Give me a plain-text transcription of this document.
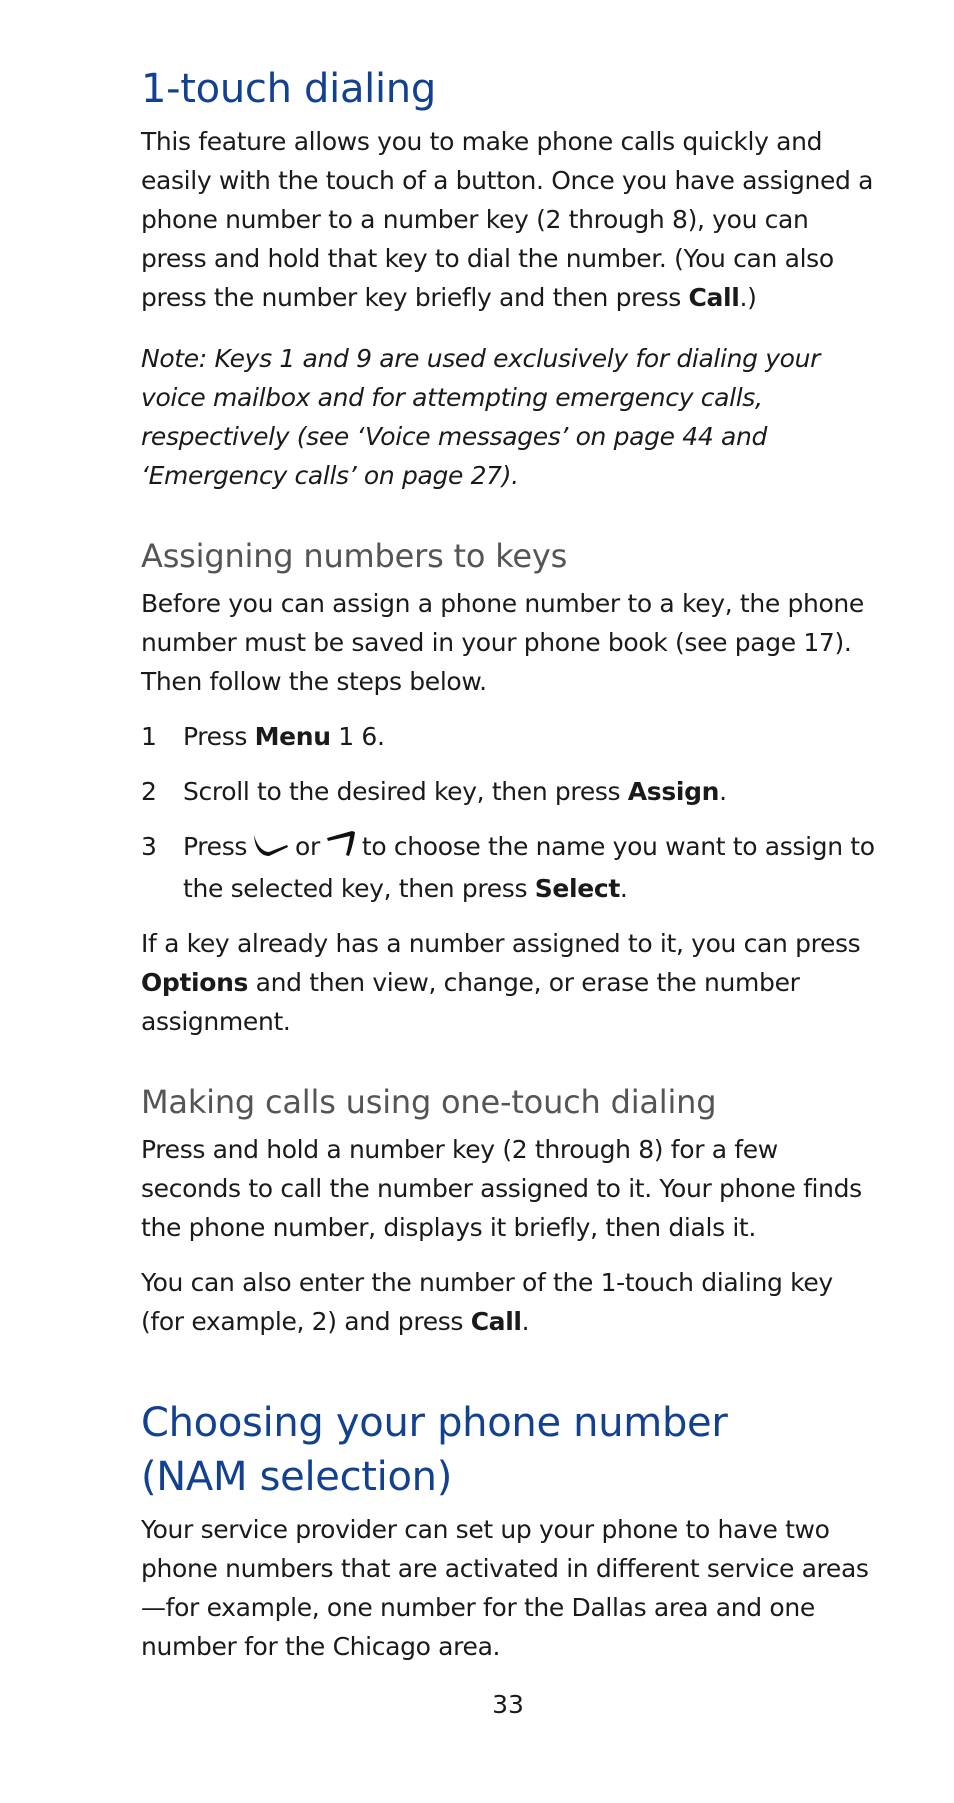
1-touch dialing

This feature allows you to make phone calls quickly and easily with the touch of a button. Once you have assigned a phone number to a number key (2 through 8), you can press and hold that key to dial the number. (You can also press the number key briefly and then press Call.)

Note: Keys 1 and 9 are used exclusively for dialing your voice mailbox and for attempting emergency calls, respectively (see ‘Voice messages’ on page 44 and ‘Emergency calls’ on page 27).

Assigning numbers to keys

Before you can assign a phone number to a key, the phone number must be saved in your phone book (see page 17). Then follow the steps below.

1	Press Menu 1 6.
2	Scroll to the desired key, then press Assign.
3	Press or to choose the name you want to assign to the selected key, then press Select.

If a key already has a number assigned to it, you can press Options and then view, change, or erase the number assignment.

Making calls using one-touch dialing

Press and hold a number key (2 through 8) for a few seconds to call the number assigned to it. Your phone finds the phone number, displays it briefly, then dials it.

You can also enter the number of the 1-touch dialing key (for example, 2) and press Call.

Choosing your phone number
(NAM selection)

Your service provider can set up your phone to have two phone numbers that are activated in different service areas—for example, one number for the Dallas area and one number for the Chicago area.

33
